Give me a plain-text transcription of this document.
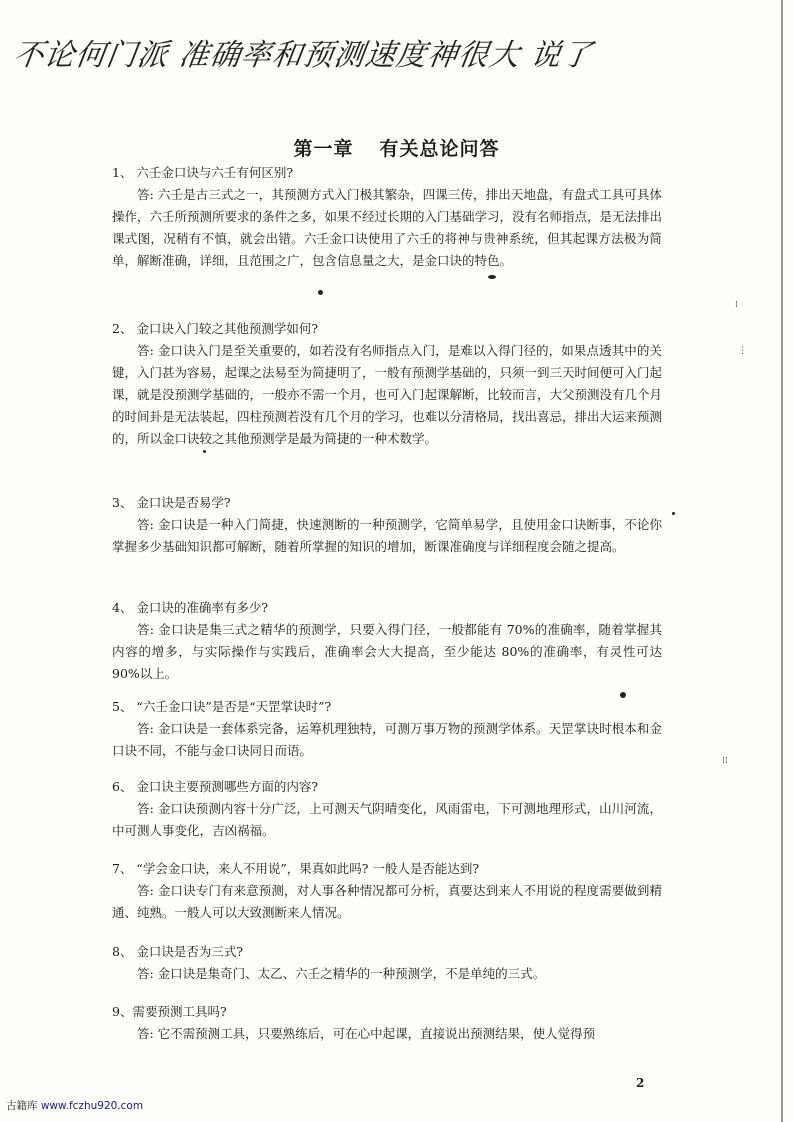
不论何门派 准确率和预测速度神很大 说了
第一章 有关总论问答
1、 六壬金口诀与六壬有何区别?
答: 六壬是古三式之一，其预测方式入门极其繁杂，四课三传，排出天地盘，有盘式工具可具体操作，六壬所预测所要求的条件之多，如果不经过长期的入门基础学习，没有名师指点，是无法排出课式图，况稍有不慎，就会出错。六壬金口诀使用了六壬的将神与贵神系统，但其起课方法极为简单，解断准确，详细，且范围之广，包含信息量之大，是金口诀的特色。
2、 金口诀入门较之其他预测学如何?
答: 金口诀入门是至关重要的，如若没有名师指点入门，是难以入得门径的，如果点透其中的关键，入门甚为容易，起课之法易至为简捷明了，一般有预测学基础的，只须一到三天时间便可入门起课，就是没预测学基础的，一般亦不需一个月，也可入门起课解断，比较而言，大父预测没有几个月的时间卦是无法装起，四柱预测若没有几个月的学习，也难以分清格局，找出喜忌，排出大运来预测的，所以金口诀较之其他预测学是最为简捷的一种术数学。
3、 金口诀是否易学?
答: 金口诀是一种入门简捷，快速测断的一种预测学，它简单易学，且使用金口诀断事，不论你掌握多少基础知识都可解断，随着所掌握的知识的增加，断课准确度与详细程度会随之提高。
4、 金口诀的准确率有多少?
答: 金口诀是集三式之精华的预测学，只要入得门径，一般都能有 70%的准确率，随着掌握其内容的增多，与实际操作与实践后，准确率会大大提高，至少能达 80%的准确率，有灵性可达 90%以上。
5、 “六壬金口诀”是否是“天罡掌诀时”?
答: 金口诀是一套体系完备，运筹机理独特，可测万事万物的预测学体系。天罡掌诀时根本和金口诀不同，不能与金口诀同日而语。
6、 金口诀主要预测哪些方面的内容?
答: 金口诀预测内容十分广泛，上可测天气阴晴变化，风雨雷电，下可测地理形式，山川河流，中可测人事变化，吉凶祸福。
7、 “学会金口诀，来人不用说”，果真如此吗? 一般人是否能达到?
答: 金口诀专门有来意预测，对人事各种情况都可分析，真要达到来人不用说的程度需要做到精通、纯熟。一般人可以大致测断来人情况。
8、 金口诀是否为三式?
答: 金口诀是集奇门、太乙、六壬之精华的一种预测学，不是单纯的三式。
9、需要预测工具吗?
答: 它不需预测工具，只要熟练后，可在心中起课，直接说出预测结果，使人觉得预
⁞
⋮
⁞⁞
2
古籍库 www.fczhu920.com
